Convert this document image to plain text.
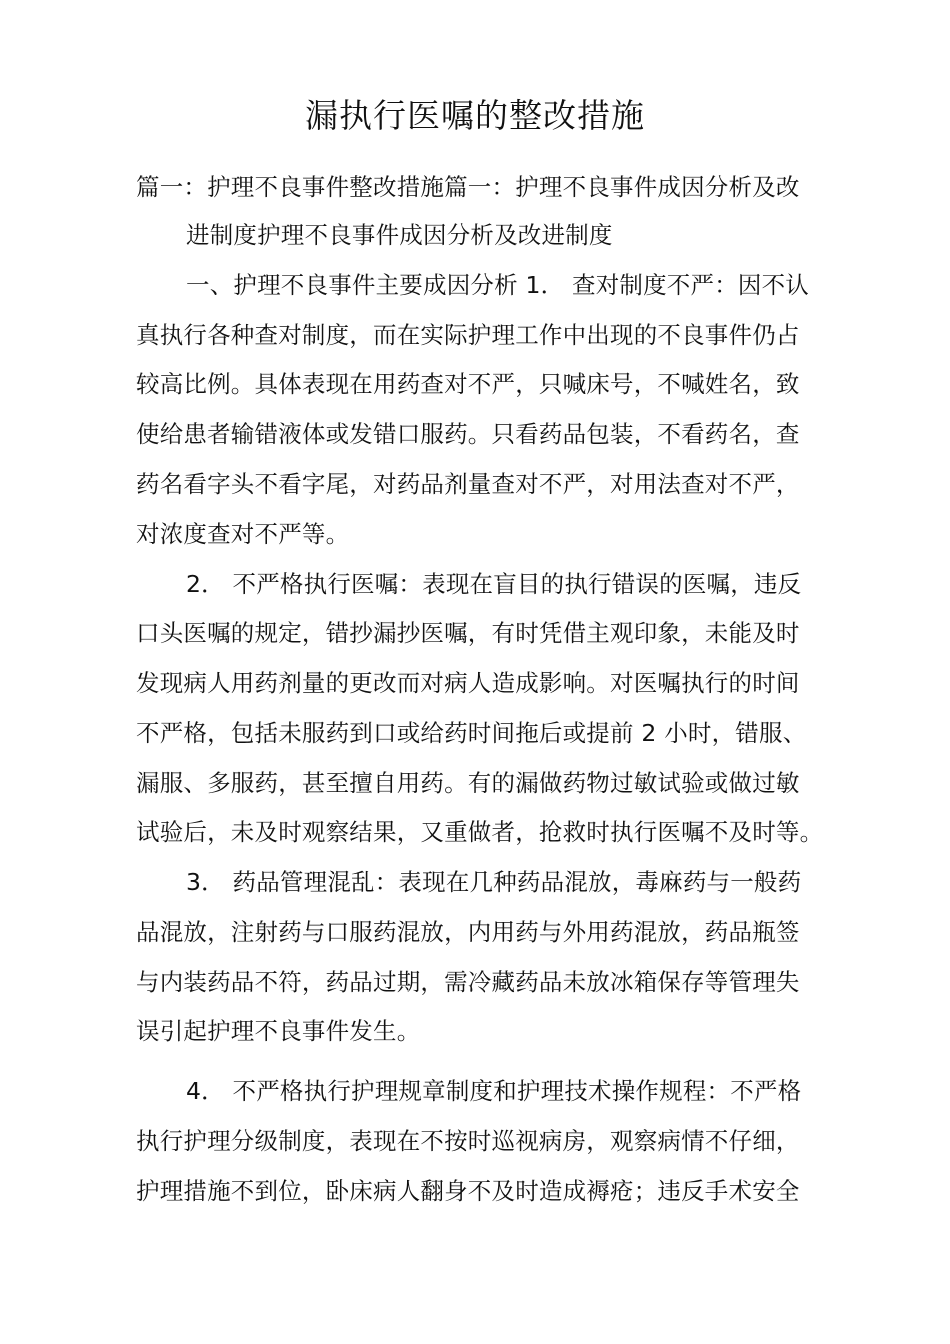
漏执行医嘱的整改措施
篇一：护理不良事件整改措施篇一：护理不良事件成因分析及改
进制度护理不良事件成因分析及改进制度
一、护理不良事件主要成因分析 1． 查对制度不严：因不认
真执行各种查对制度，而在实际护理工作中出现的不良事件仍占
较高比例。具体表现在用药查对不严，只喊床号，不喊姓名，致
使给患者输错液体或发错口服药。只看药品包装，不看药名，查
药名看字头不看字尾，对药品剂量查对不严，对用法查对不严，
对浓度查对不严等。
2． 不严格执行医嘱：表现在盲目的执行错误的医嘱，违反
口头医嘱的规定，错抄漏抄医嘱，有时凭借主观印象，未能及时
发现病人用药剂量的更改而对病人造成影响。对医嘱执行的时间
不严格，包括未服药到口或给药时间拖后或提前 2 小时，错服、
漏服、多服药，甚至擅自用药。有的漏做药物过敏试验或做过敏
试验后，未及时观察结果，又重做者，抢救时执行医嘱不及时等。
3． 药品管理混乱：表现在几种药品混放，毒麻药与一般药
品混放，注射药与口服药混放，内用药与外用药混放，药品瓶签
与内装药品不符，药品过期，需冷藏药品未放冰箱保存等管理失
误引起护理不良事件发生。
4． 不严格执行护理规章制度和护理技术操作规程：不严格
执行护理分级制度，表现在不按时巡视病房，观察病情不仔细，
护理措施不到位，卧床病人翻身不及时造成褥疮；违反手术安全
